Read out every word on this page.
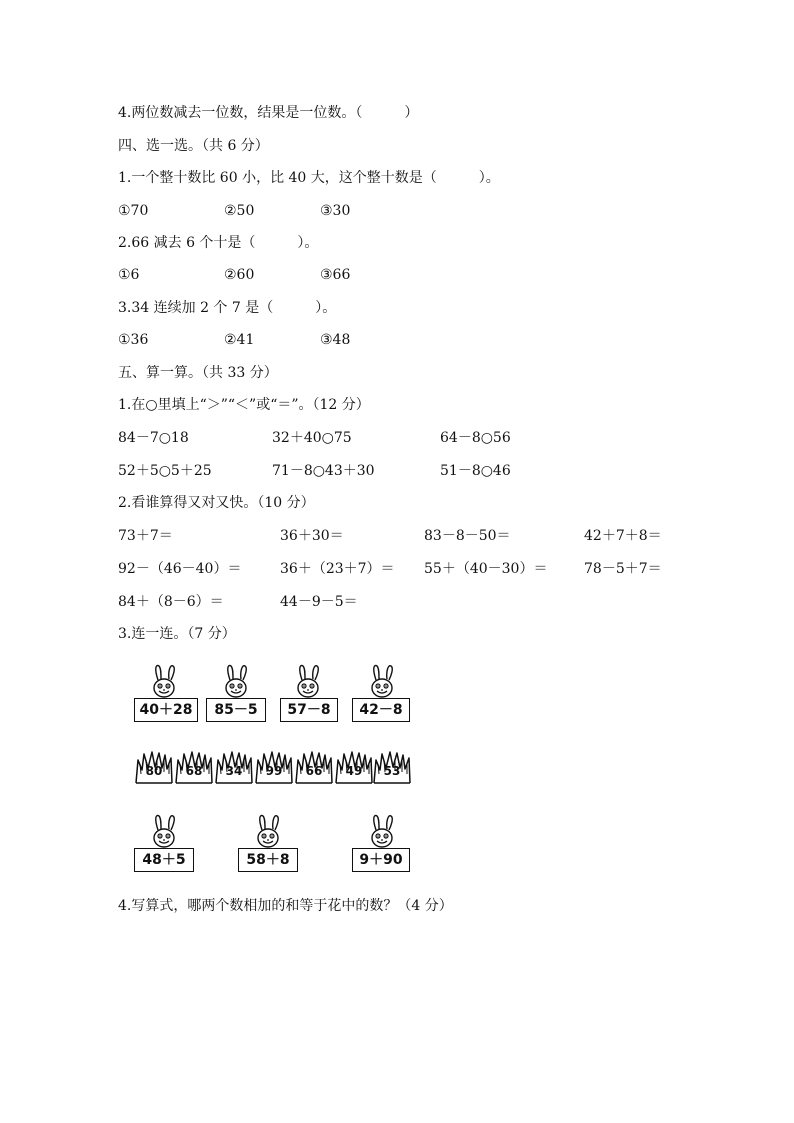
4.两位数减去一位数，结果是一位数。（　　　）
四、选一选。（共 6 分）
1.一个整十数比 60 小，比 40 大，这个整十数是（　　　）。
①70	②50	③30
2.66 减去 6 个十是（　　　）。
①6	②60	③66
3.34 连续加 2 个 7 是（　　　）。
①36	②41	③48
五、算一算。（共 33 分）
1.在○里填上“＞”“＜”或“＝”。（12 分）
84－7○18	32＋40○75	64－8○56
52＋5○5＋25	71－8○43＋30	51－8○46
2.看谁算得又对又快。（10 分）
73＋7＝	36＋30＝	83－8－50＝	42＋7＋8＝
92－（46－40）＝	36＋（23＋7）＝ 55＋（40－30）＝	78－5＋7＝
84＋（8－6）＝	44－9－5＝
3.连一连。（7 分）
40＋28	85－5	57－8	42－8
80	68	34	99	66	49	53
48＋5	58＋8	9＋90
4.写算式，哪两个数相加的和等于花中的数？（4 分）
